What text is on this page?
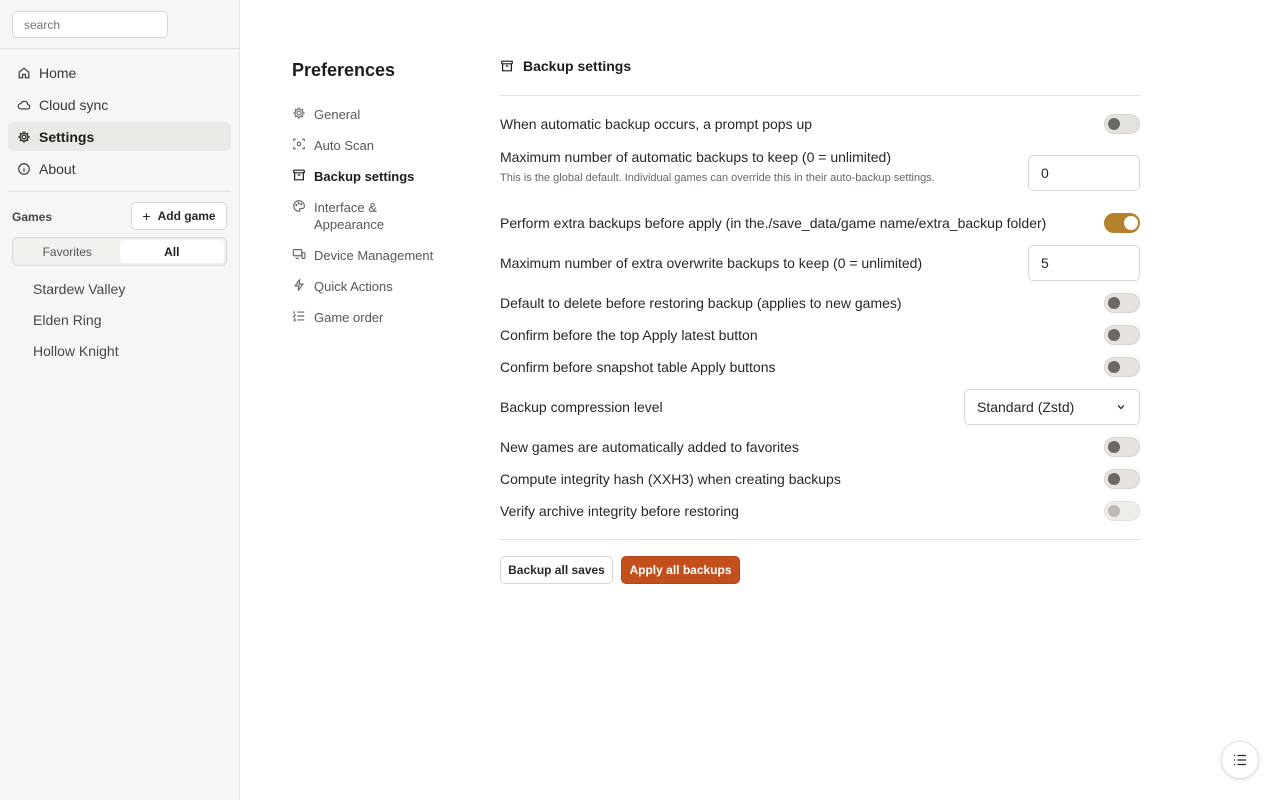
search
Home
Cloud sync
Settings
About
Games	+ Add game
Favorites	All
Stardew Valley
Elden Ring
Hollow Knight
Preferences
General
Auto Scan
Backup settings
Interface & Appearance
Device Management
Quick Actions
Game order
Backup settings
When automatic backup occurs, a prompt pops up
Maximum number of automatic backups to keep (0 = unlimited)
This is the global default. Individual games can override this in their auto-backup settings.
0
Perform extra backups before apply (in the./save_data/game name/extra_backup folder)
Maximum number of extra overwrite backups to keep (0 = unlimited)
5
Default to delete before restoring backup (applies to new games)
Confirm before the top Apply latest button
Confirm before snapshot table Apply buttons
Backup compression level	Standard (Zstd)
New games are automatically added to favorites
Compute integrity hash (XXH3) when creating backups
Verify archive integrity before restoring
Backup all saves	Apply all backups
